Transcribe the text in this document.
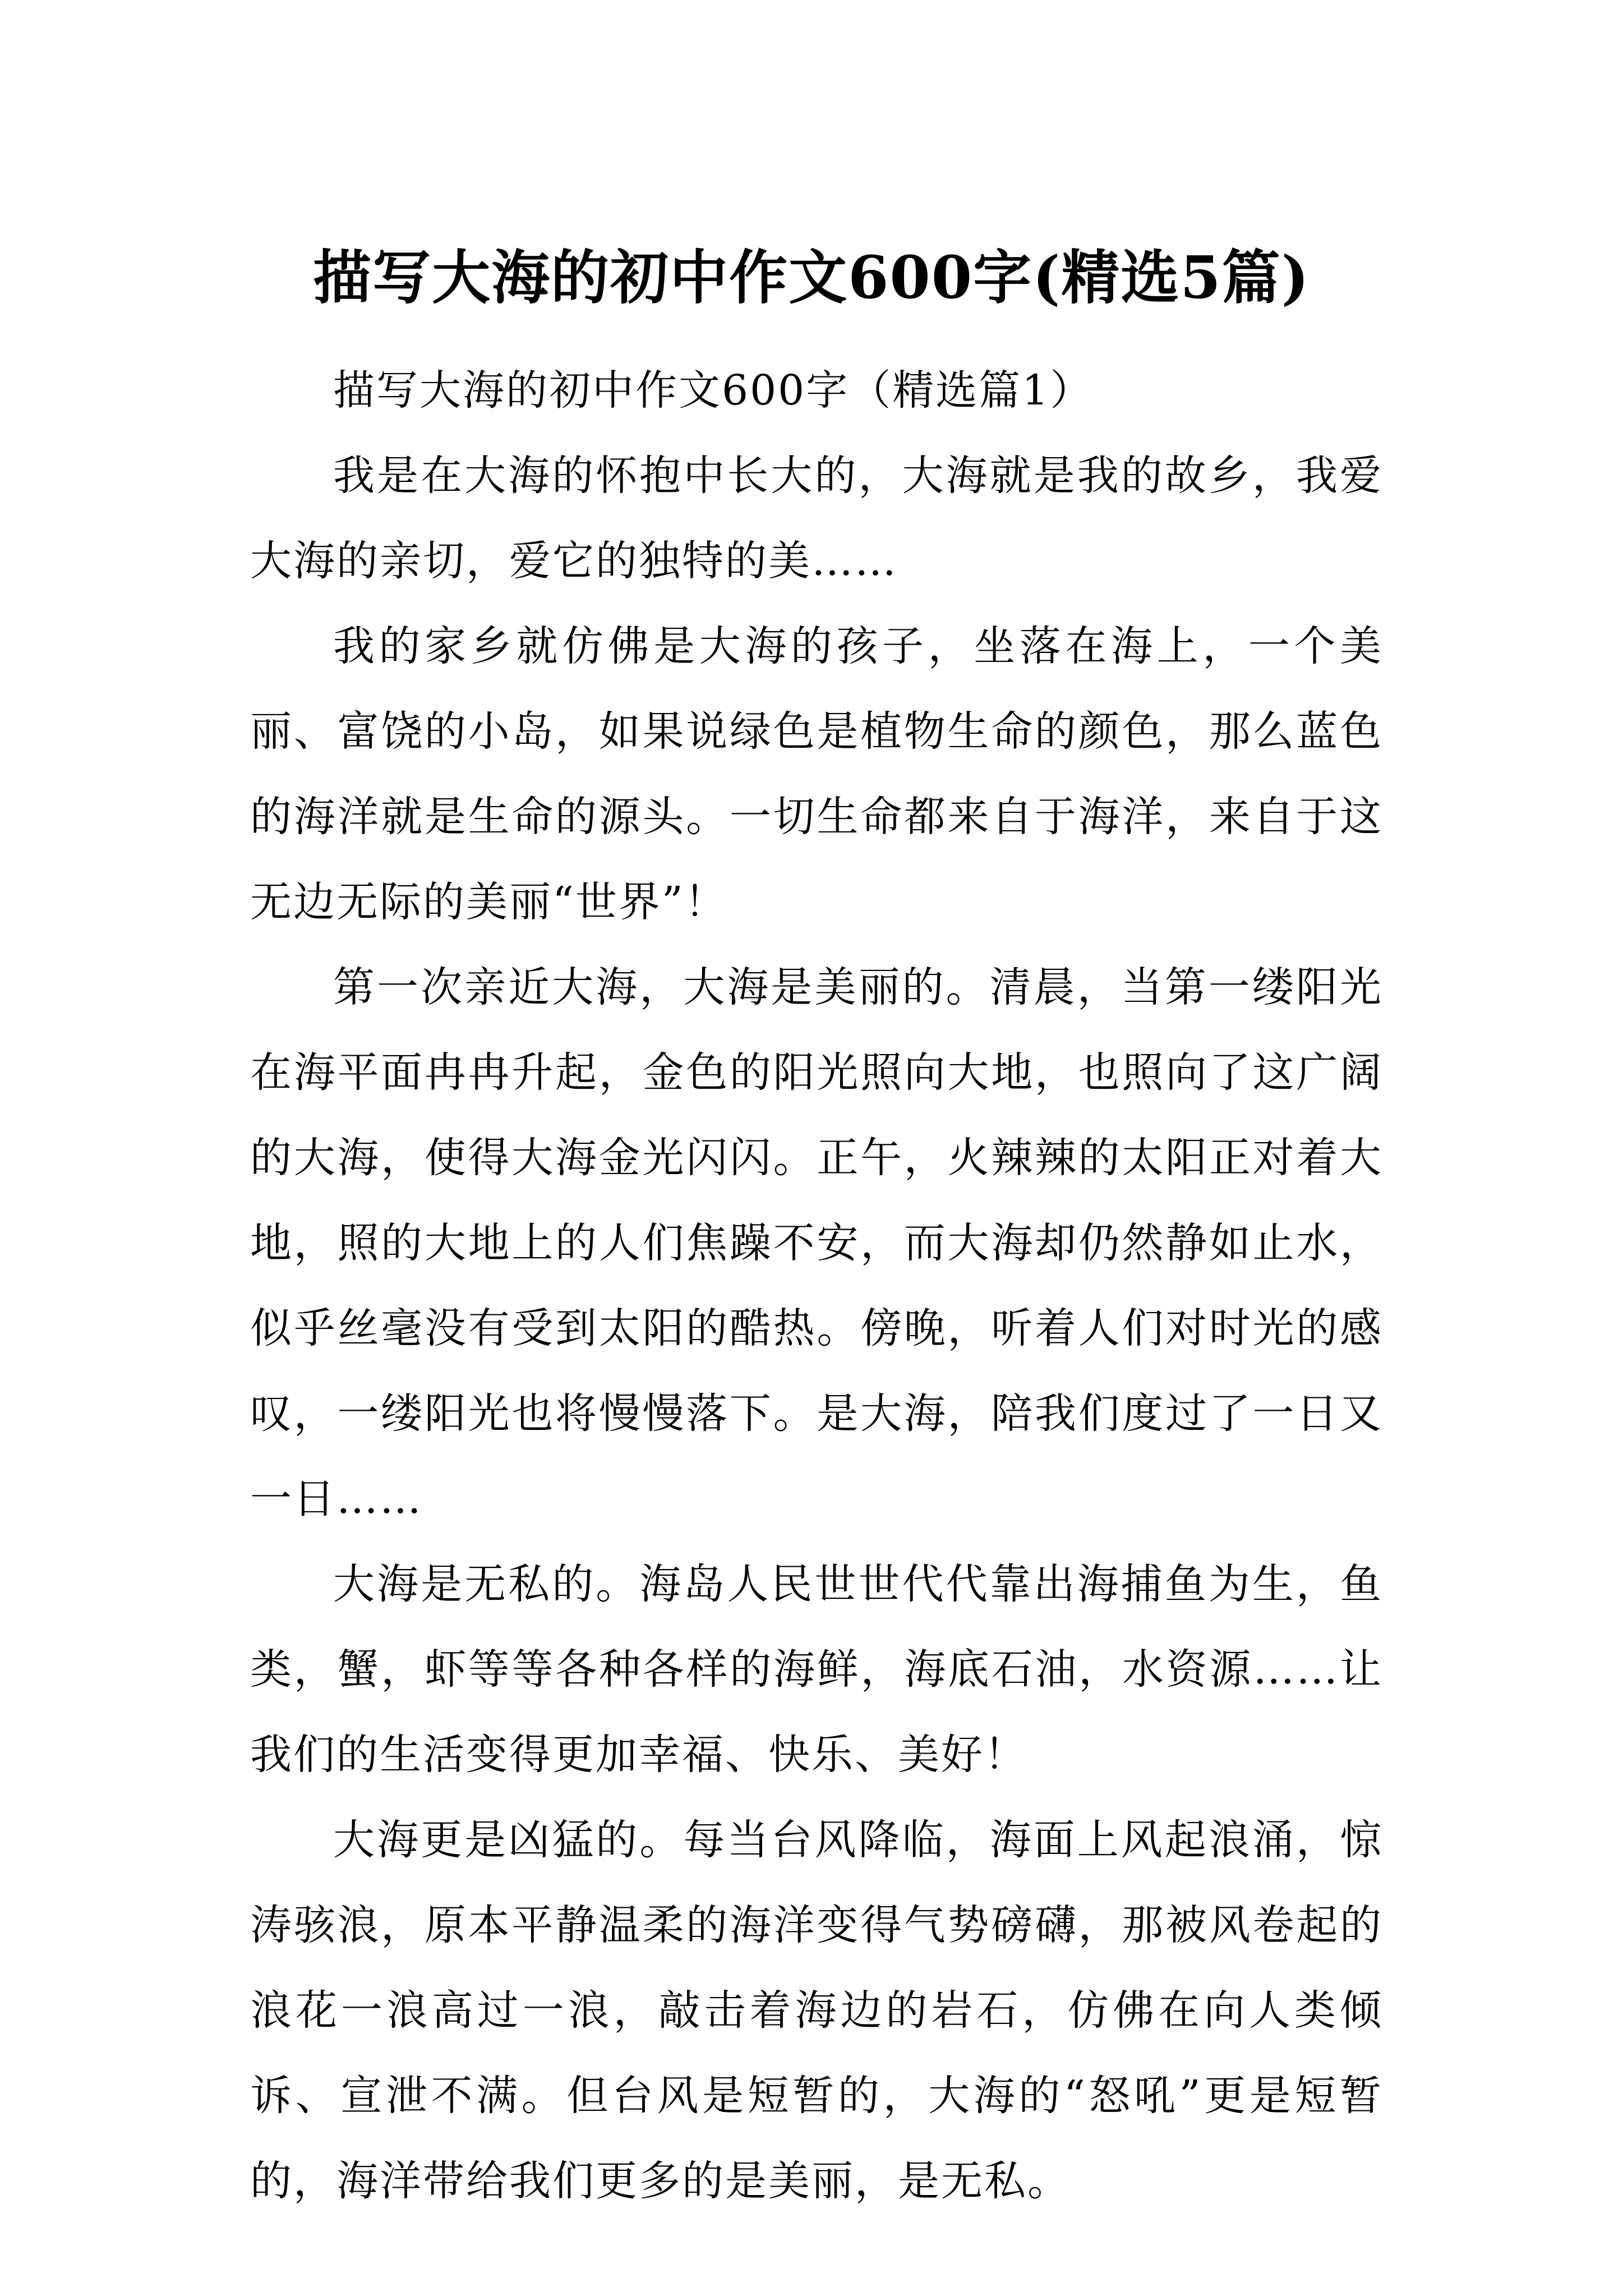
描写大海的初中作文600字(精选5篇)

描写大海的初中作文600字（精选篇1）

我是在大海的怀抱中长大的，大海就是我的故乡，我爱大海的亲切，爱它的独特的美……

我的家乡就仿佛是大海的孩子，坐落在海上，一个美丽、富饶的小岛，如果说绿色是植物生命的颜色，那么蓝色的海洋就是生命的源头。一切生命都来自于海洋，来自于这无边无际的美丽“世界”！

第一次亲近大海，大海是美丽的。清晨，当第一缕阳光在海平面冉冉升起，金色的阳光照向大地，也照向了这广阔的大海，使得大海金光闪闪。正午，火辣辣的太阳正对着大地，照的大地上的人们焦躁不安，而大海却仍然静如止水，似乎丝毫没有受到太阳的酷热。傍晚，听着人们对时光的感叹，一缕阳光也将慢慢落下。是大海，陪我们度过了一日又一日……

大海是无私的。海岛人民世世代代靠出海捕鱼为生，鱼类，蟹，虾等等各种各样的海鲜，海底石油，水资源……让我们的生活变得更加幸福、快乐、美好！

大海更是凶猛的。每当台风降临，海面上风起浪涌，惊涛骇浪，原本平静温柔的海洋变得气势磅礴，那被风卷起的浪花一浪高过一浪，敲击着海边的岩石，仿佛在向人类倾诉、宣泄不满。但台风是短暂的，大海的“怒吼”更是短暂的，海洋带给我们更多的是美丽，是无私。
